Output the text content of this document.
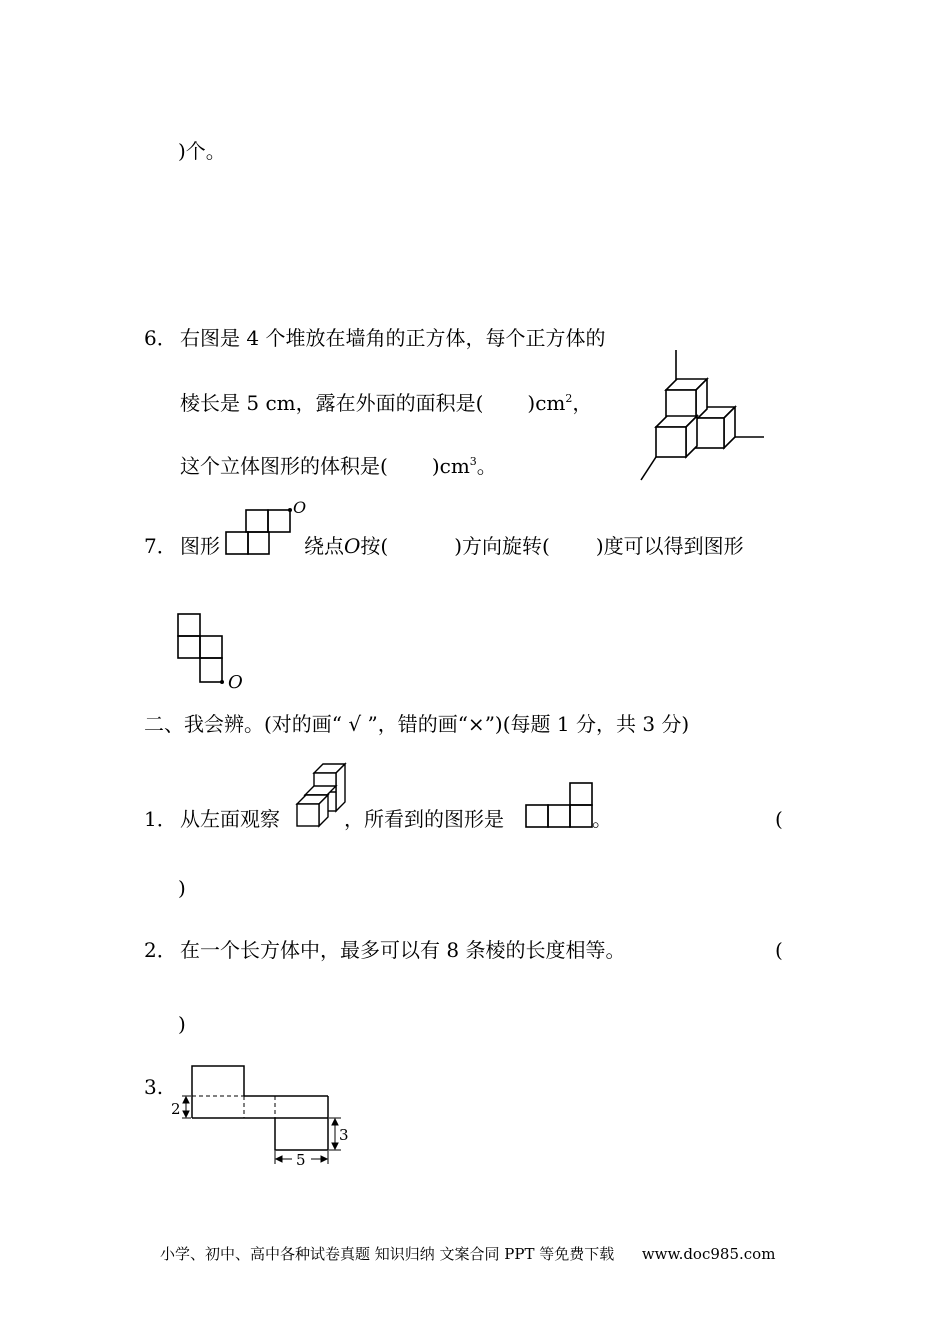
)个。
6． 右图是 4 个堆放在墙角的正方体，每个正方体的
棱长是 5 cm，露在外面的面积是( )$cm^2$，
这个立体图形的体积是( )$cm^3$。
7． 图形
O
绕点O按(	)方向旋转( )度可以得到图形
O
二、我会辨。(对的画“ √ ”，错的画“×”)(每题 1 分，共 3 分)
1． 从左面观察	，所看到的图形是	。	(
)
2． 在一个长方体中，最多可以有 8 条棱的长度相等。	(
)
3.
2
3
5
小学、初中、高中各种试卷真题 知识归纳 文案合同 PPT 等免费下载 www.doc985.com
